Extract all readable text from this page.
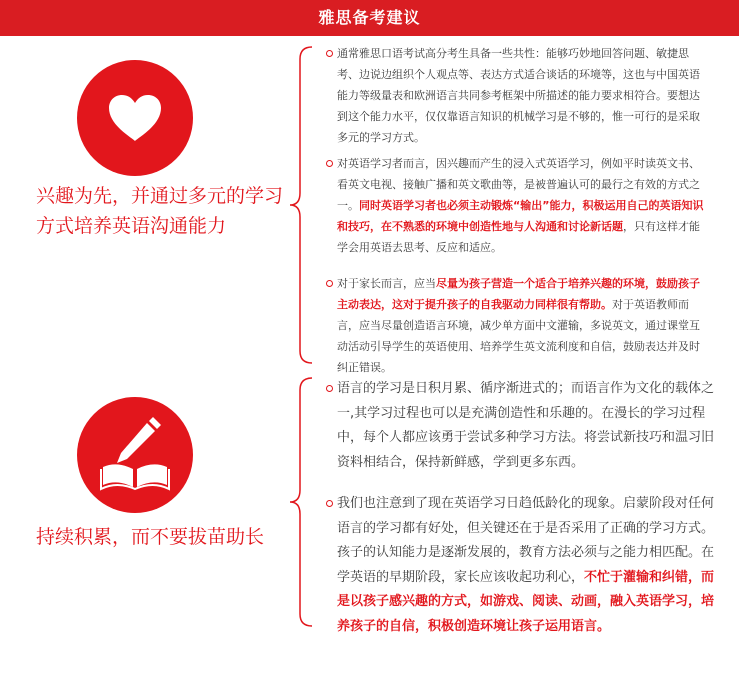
雅思备考建议
兴趣为先，并通过多元的学习方式培养英语沟通能力
通常雅思口语考试高分考生具备一些共性：能够巧妙地回答问题、敏捷思考、边说边组织个人观点等、表达方式适合谈话的环境等，这也与中国英语能力等级量表和欧洲语言共同参考框架中所描述的能力要求相符合。要想达到这个能力水平，仅仅靠语言知识的机械学习是不够的，惟一可行的是采取多元的学习方式。
对英语学习者而言，因兴趣而产生的浸入式英语学习，例如平时读英文书、看英文电视、接触广播和英文歌曲等，是被普遍认可的最行之有效的方式之一。同时英语学习者也必须主动锻炼“输出”能力，积极运用自己的英语知识和技巧，在不熟悉的环境中创造性地与人沟通和讨论新话题，只有这样才能学会用英语去思考、反应和适应。
对于家长而言，应当尽量为孩子营造一个适合于培养兴趣的环境，鼓励孩子主动表达，这对于提升孩子的自我驱动力同样很有帮助。对于英语教师而言，应当尽量创造语言环境，减少单方面中文灌输，多说英文，通过课堂互动活动引导学生的英语使用、培养学生英文流利度和自信，鼓励表达并及时纠正错误。
持续积累，而不要拔苗助长
语言的学习是日积月累、循序渐进式的；而语言作为文化的载体之一,其学习过程也可以是充满创造性和乐趣的。在漫长的学习过程中，每个人都应该勇于尝试多种学习方法。将尝试新技巧和温习旧资料相结合，保持新鲜感，学到更多东西。
我们也注意到了现在英语学习日趋低龄化的现象。启蒙阶段对任何语言的学习都有好处，但关键还在于是否采用了正确的学习方式。孩子的认知能力是逐渐发展的，教育方法必须与之能力相匹配。在学英语的早期阶段，家长应该收起功利心，不忙于灌输和纠错，而是以孩子感兴趣的方式，如游戏、阅读、动画，融入英语学习，培养孩子的自信，积极创造环境让孩子运用语言。
